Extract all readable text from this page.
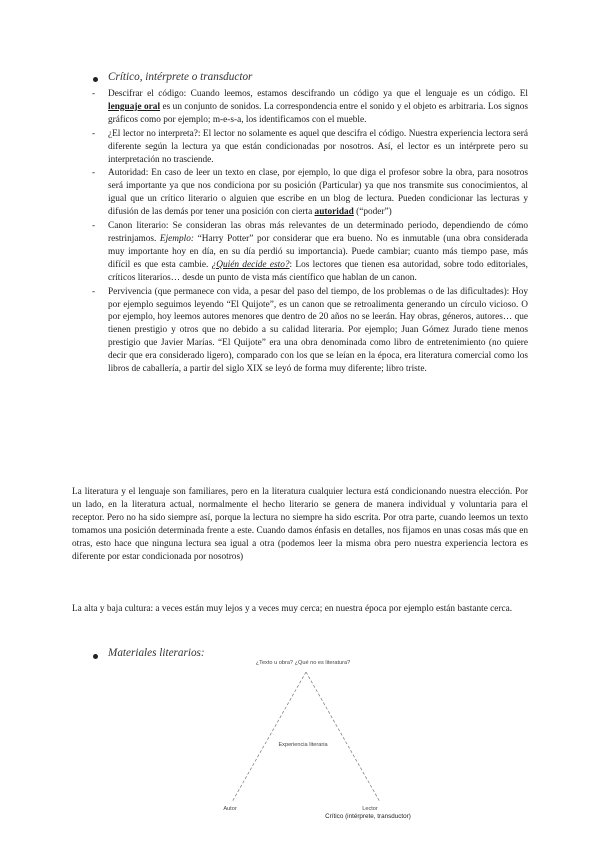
Crítico, intérprete o transductor
- Descifrar el código: Cuando leemos, estamos descifrando un código ya que el lenguaje es un código. El lenguaje oral es un conjunto de sonidos. La correspondencia entre el sonido y el objeto es arbitraria. Los signos gráficos como por ejemplo; m-e-s-a, los identificamos con el mueble.
- ¿El lector no interpreta?: El lector no solamente es aquel que descifra el código. Nuestra experiencia lectora será diferente según la lectura ya que están condicionadas por nosotros. Así, el lector es un intérprete pero su interpretación no trasciende.
- Autoridad: En caso de leer un texto en clase, por ejemplo, lo que diga el profesor sobre la obra, para nosotros será importante ya que nos condiciona por su posición (Particular) ya que nos transmite sus conocimientos, al igual que un crítico literario o alguien que escribe en un blog de lectura. Pueden condicionar las lecturas y difusión de las demás por tener una posición con cierta autoridad (“poder”)
- Canon literario: Se consideran las obras más relevantes de un determinado periodo, dependiendo de cómo restrinjamos. Ejemplo: “Harry Potter” por considerar que era bueno. No es inmutable (una obra considerada muy importante hoy en día, en su día perdió su importancia). Puede cambiar; cuanto más tiempo pase, más difícil es que esta cambie. ¿Quién decide esto?: Los lectores que tienen esa autoridad, sobre todo editoriales, críticos literarios… desde un punto de vista más científico que hablan de un canon.
- Pervivencia (que permanece con vida, a pesar del paso del tiempo, de los problemas o de las dificultades): Hoy por ejemplo seguimos leyendo “El Quijote”, es un canon que se retroalimenta generando un círculo vicioso. O por ejemplo, hoy leemos autores menores que dentro de 20 años no se leerán. Hay obras, géneros, autores… que tienen prestigio y otros que no debido a su calidad literaria. Por ejemplo; Juan Gómez Jurado tiene menos prestigio que Javier Marías. “El Quijote” era una obra denominada como libro de entretenimiento (no quiere decir que era considerado ligero), comparado con los que se leían en la época, era literatura comercial como los libros de caballería, a partir del siglo XIX se leyó de forma muy diferente; libro triste.

La literatura y el lenguaje son familiares, pero en la literatura cualquier lectura está condicionando nuestra elección. Por un lado, en la literatura actual, normalmente el hecho literario se genera de manera individual y voluntaria para el receptor. Pero no ha sido siempre así, porque la lectura no siempre ha sido escrita. Por otra parte, cuando leemos un texto tomamos una posición determinada frente a este. Cuando damos énfasis en detalles, nos fijamos en unas cosas más que en otras, esto hace que ninguna lectura sea igual a otra (podemos leer la misma obra pero nuestra experiencia lectora es diferente por estar condicionada por nosotros)

La alta y baja cultura: a veces están muy lejos y a veces muy cerca; en nuestra época por ejemplo están bastante cerca.

Materiales literarios:
¿Texto u obra? ¿Qué no es literatura?
Experiencia literaria
Autor	Lector
Crítico (intérprete, transductor)
